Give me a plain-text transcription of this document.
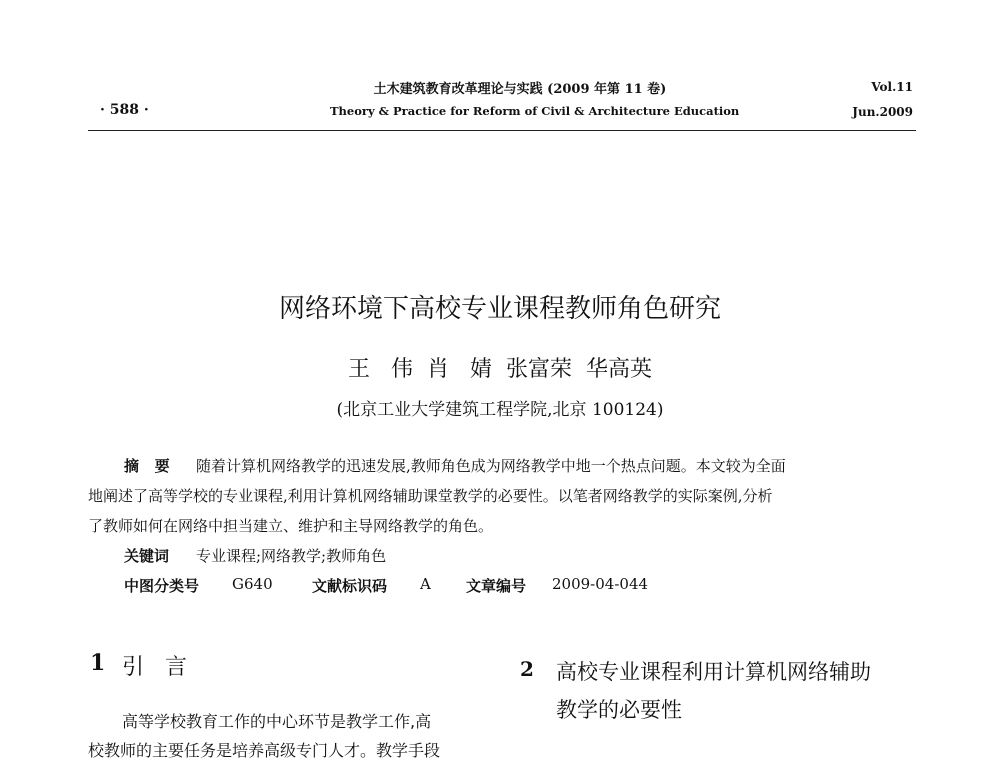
· 588 ·
土木建筑教育改革理论与实践 (2009 年第 11 卷)
Theory & Practice for Reform of Civil & Architecture Education
Vol.11
Jun.2009
网络环境下高校专业课程教师角色研究
王   伟  肖   婧  张富荣  华高英
(北京工业大学建筑工程学院,北京 100124)
摘   要 随着计算机网络教学的迅速发展,教师角色成为网络教学中地一个热点问题。本文较为全面
地阐述了高等学校的专业课程,利用计算机网络辅助课堂教学的必要性。以笔者网络教学的实际案例,分析
了教师如何在网络中担当建立、维护和主导网络教学的角色。
关键词 专业课程;网络教学;教师角色
中图分类号 G640	文献标识码 A 文章编号 2009-04-044
1 引   言
高等学校教育工作的中心环节是教学工作,高
校教师的主要任务是培养高级专门人才。教学手段
2 高校专业课程利用计算机网络辅助
教学的必要性
